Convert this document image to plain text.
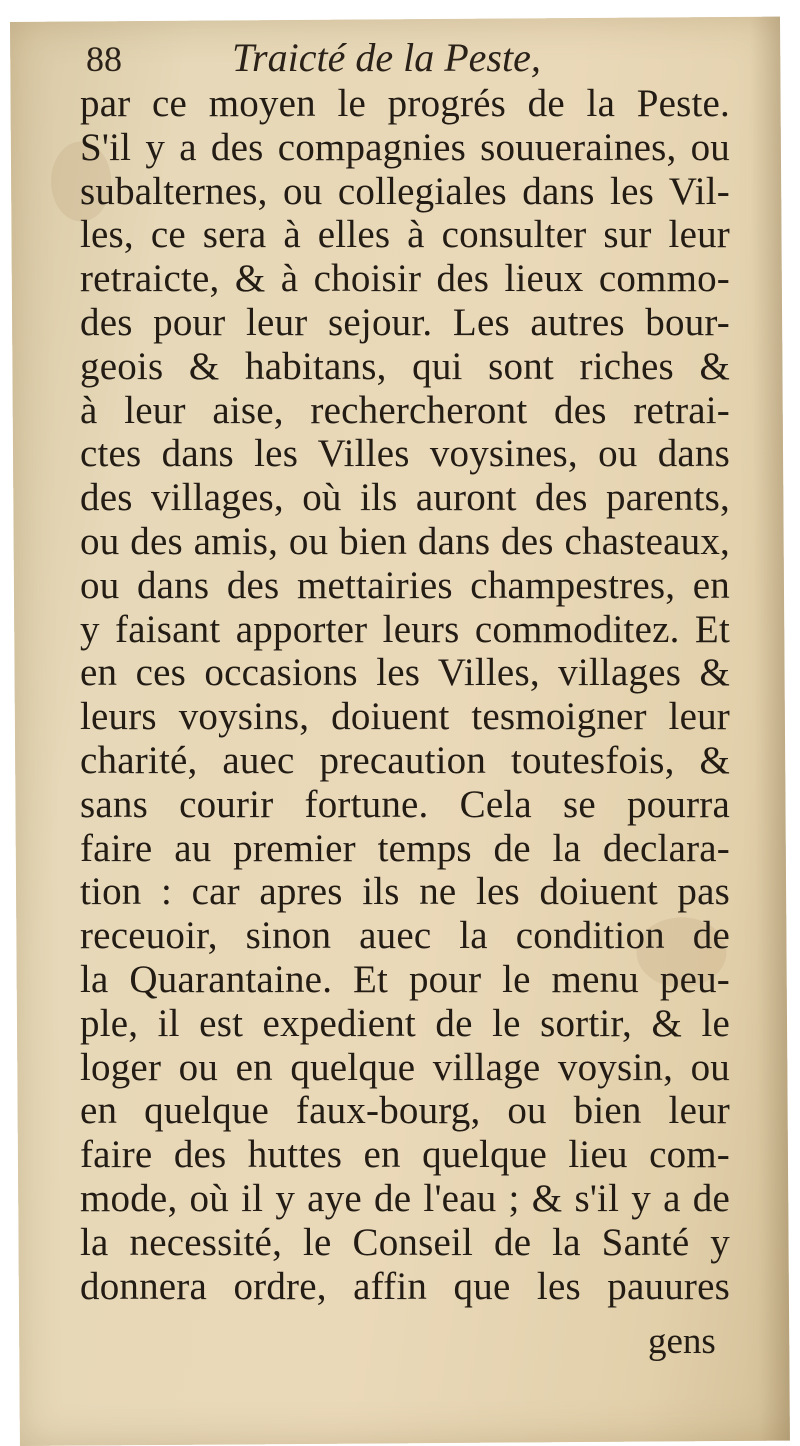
88	Traicté de la Peste,
par ce moyen le progrés de la Peste.
S'il y a des compagnies souueraines, ou
subalternes, ou collegiales dans les Vil-
les, ce sera à elles à consulter sur leur
retraicte, & à choisir des lieux commo-
des pour leur sejour. Les autres bour-
geois & habitans, qui sont riches &
à leur aise, rechercheront des retrai-
ctes dans les Villes voysines, ou dans
des villages, où ils auront des parents,
ou des amis, ou bien dans des chasteaux,
ou dans des mettairies champestres, en
y faisant apporter leurs commoditez. Et
en ces occasions les Villes, villages &
leurs voysins, doiuent tesmoigner leur
charité, auec precaution toutesfois, &
sans courir fortune. Cela se pourra
faire au premier temps de la declara-
tion : car apres ils ne les doiuent pas
receuoir, sinon auec la condition de
la Quarantaine. Et pour le menu peu-
ple, il est expedient de le sortir, & le
loger ou en quelque village voysin, ou
en quelque faux-bourg, ou bien leur
faire des huttes en quelque lieu com-
mode, où il y aye de l'eau ; & s'il y a de
la necessité, le Conseil de la Santé y
donnera ordre, affin que les pauures
gens
